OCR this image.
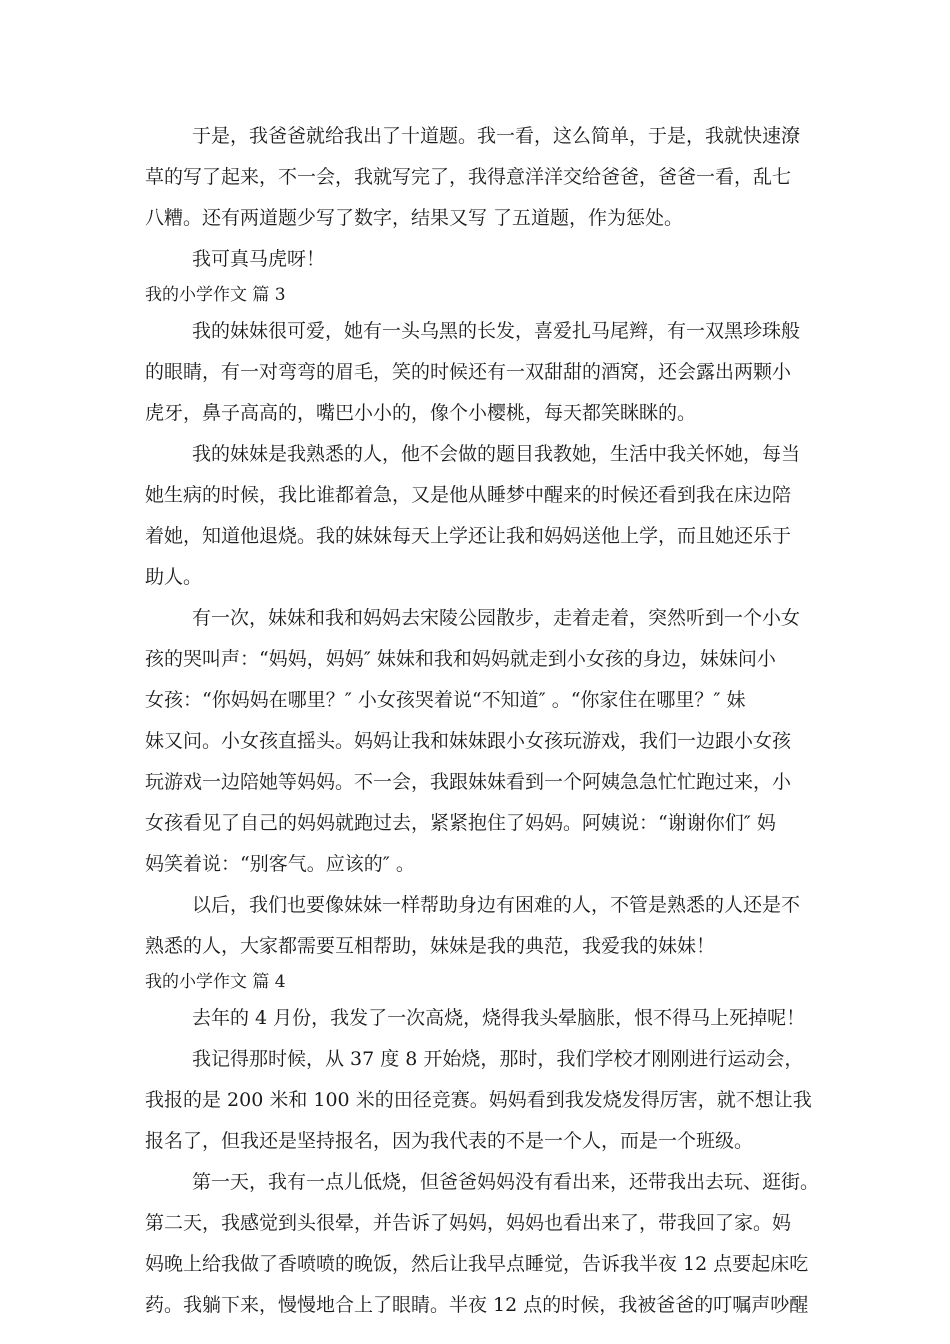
于是，我爸爸就给我出了十道题。我一看，这么简单，于是，我就快速潦
草的写了起来，不一会，我就写完了，我得意洋洋交给爸爸，爸爸一看，乱七
八糟。还有两道题少写了数字，结果又写 了五道题，作为惩处。
我可真马虎呀！
我的小学作文 篇 3
我的妹妹很可爱，她有一头乌黑的长发，喜爱扎马尾辫，有一双黑珍珠般
的眼睛，有一对弯弯的眉毛，笑的时候还有一双甜甜的酒窝，还会露出两颗小
虎牙，鼻子高高的，嘴巴小小的，像个小樱桃，每天都笑眯眯的。
我的妹妹是我熟悉的人，他不会做的题目我教她，生活中我关怀她，每当
她生病的时候，我比谁都着急，又是他从睡梦中醒来的时候还看到我在床边陪
着她，知道他退烧。我的妹妹每天上学还让我和妈妈送他上学，而且她还乐于
助人。
有一次，妹妹和我和妈妈去宋陵公园散步，走着走着，突然听到一个小女
孩的哭叫声：“妈妈，妈妈″ 妹妹和我和妈妈就走到小女孩的身边，妹妹问小
女孩：“你妈妈在哪里？″ 小女孩哭着说“不知道″ 。“你家住在哪里？″ 妹
妹又问。小女孩直摇头。妈妈让我和妹妹跟小女孩玩游戏，我们一边跟小女孩
玩游戏一边陪她等妈妈。不一会，我跟妹妹看到一个阿姨急急忙忙跑过来，小
女孩看见了自己的妈妈就跑过去，紧紧抱住了妈妈。阿姨说：“谢谢你们″ 妈
妈笑着说：“别客气。应该的″ 。
以后，我们也要像妹妹一样帮助身边有困难的人，不管是熟悉的人还是不
熟悉的人，大家都需要互相帮助，妹妹是我的典范，我爱我的妹妹！
我的小学作文 篇 4
去年的 4 月份，我发了一次高烧，烧得我头晕脑胀，恨不得马上死掉呢！
我记得那时候，从 37 度 8 开始烧，那时，我们学校才刚刚进行运动会，
我报的是 200 米和 100 米的田径竞赛。妈妈看到我发烧发得厉害，就不想让我
报名了，但我还是坚持报名，因为我代表的不是一个人，而是一个班级。
第一天，我有一点儿低烧，但爸爸妈妈没有看出来，还带我出去玩、逛街。
第二天，我感觉到头很晕，并告诉了妈妈，妈妈也看出来了，带我回了家。妈
妈晚上给我做了香喷喷的晚饭，然后让我早点睡觉，告诉我半夜 12 点要起床吃
药。我躺下来，慢慢地合上了眼睛。半夜 12 点的时候，我被爸爸的叮嘱声吵醒
